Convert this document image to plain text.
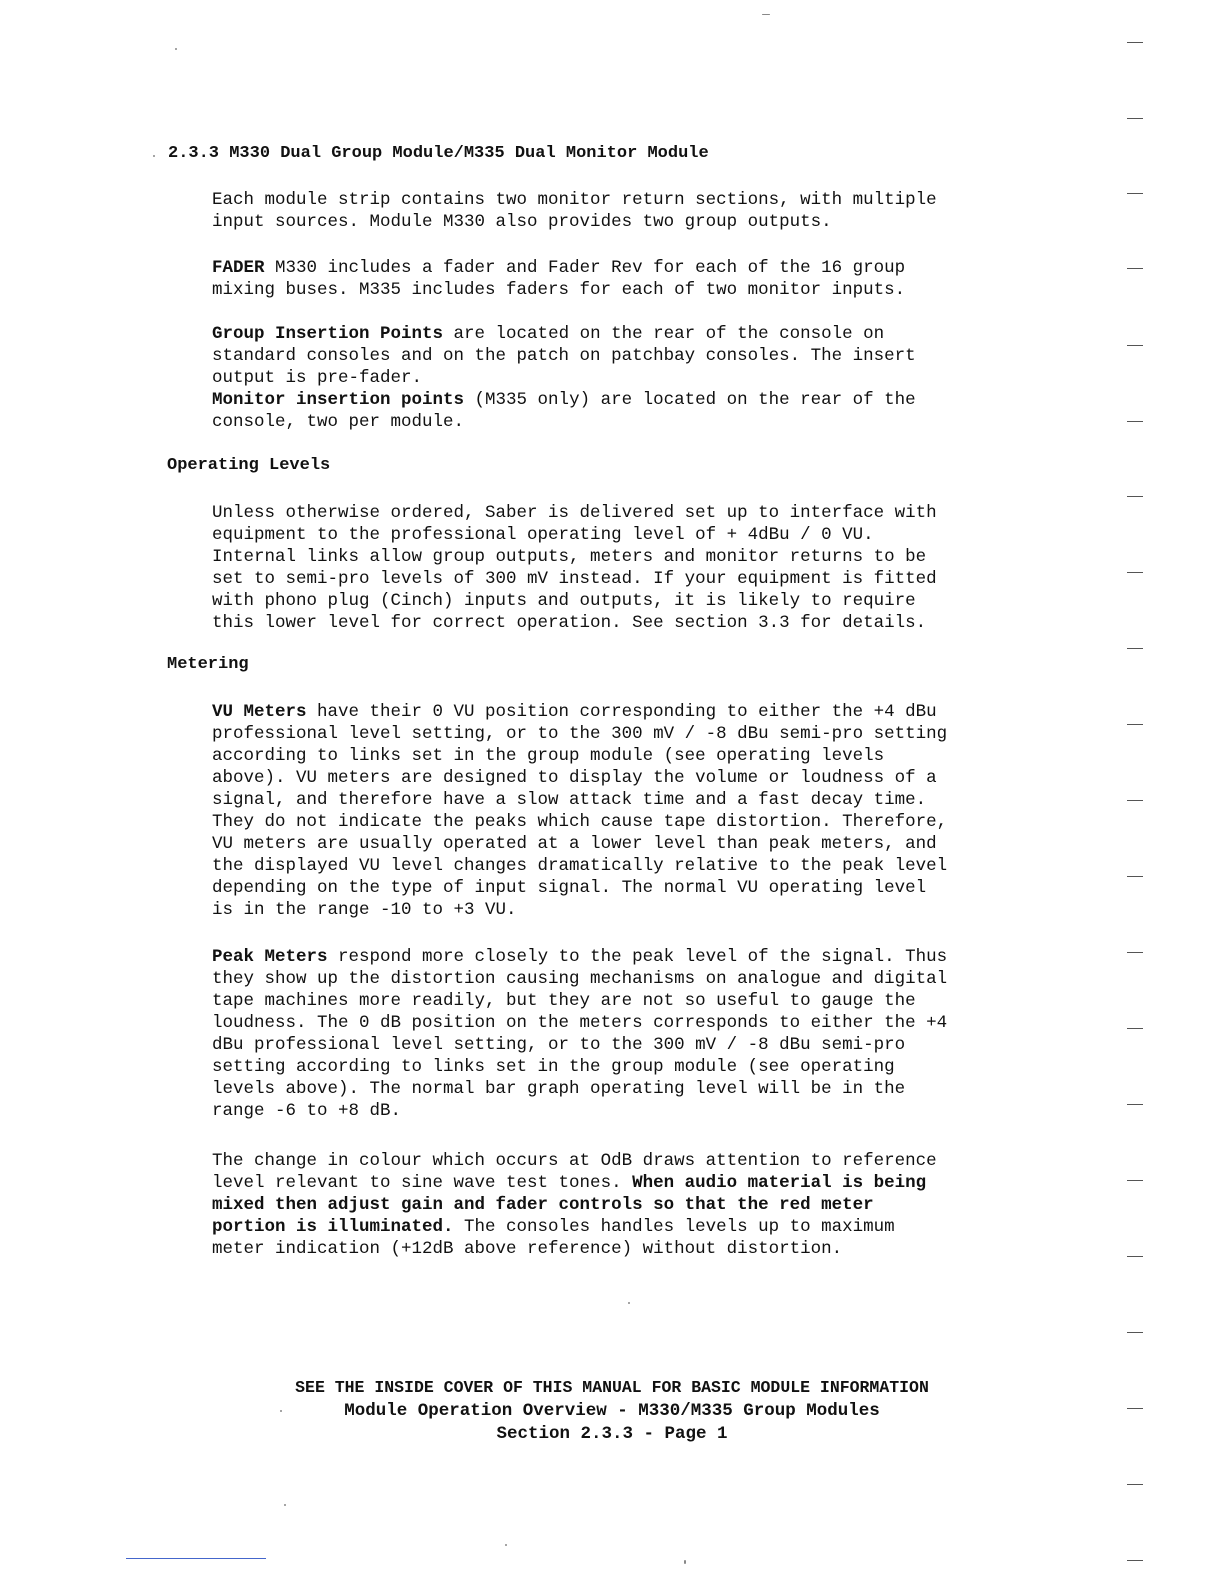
2.3.3 M330 Dual Group Module/M335 Dual Monitor Module
Each module strip contains two monitor return sections, with multiple
input sources. Module M330 also provides two group outputs.
FADER M330 includes a fader and Fader Rev for each of the 16 group
mixing buses. M335 includes faders for each of two monitor inputs.
Group Insertion Points are located on the rear of the console on
standard consoles and on the patch on patchbay consoles. The insert
output is pre-fader.
Monitor insertion points (M335 only) are located on the rear of the
console, two per module.
Operating Levels
Unless otherwise ordered, Saber is delivered set up to interface with
equipment to the professional operating level of + 4dBu / 0 VU.
Internal links allow group outputs, meters and monitor returns to be
set to semi-pro levels of 300 mV instead. If your equipment is fitted
with phono plug (Cinch) inputs and outputs, it is likely to require
this lower level for correct operation. See section 3.3 for details.
Metering
VU Meters have their 0 VU position corresponding to either the +4 dBu
professional level setting, or to the 300 mV / -8 dBu semi-pro setting
according to links set in the group module (see operating levels
above). VU meters are designed to display the volume or loudness of a
signal, and therefore have a slow attack time and a fast decay time.
They do not indicate the peaks which cause tape distortion. Therefore,
VU meters are usually operated at a lower level than peak meters, and
the displayed VU level changes dramatically relative to the peak level
depending on the type of input signal. The normal VU operating level
is in the range -10 to +3 VU.
Peak Meters respond more closely to the peak level of the signal. Thus
they show up the distortion causing mechanisms on analogue and digital
tape machines more readily, but they are not so useful to gauge the
loudness. The 0 dB position on the meters corresponds to either the +4
dBu professional level setting, or to the 300 mV / -8 dBu semi-pro
setting according to links set in the group module (see operating
levels above). The normal bar graph operating level will be in the
range -6 to +8 dB.
The change in colour which occurs at OdB draws attention to reference
level relevant to sine wave test tones. When audio material is being
mixed then adjust gain and fader controls so that the red meter
portion is illuminated. The consoles handles levels up to maximum
meter indication (+12dB above reference) without distortion.
SEE THE INSIDE COVER OF THIS MANUAL FOR BASIC MODULE INFORMATION
Module Operation Overview - M330/M335 Group Modules
Section 2.3.3 - Page 1
